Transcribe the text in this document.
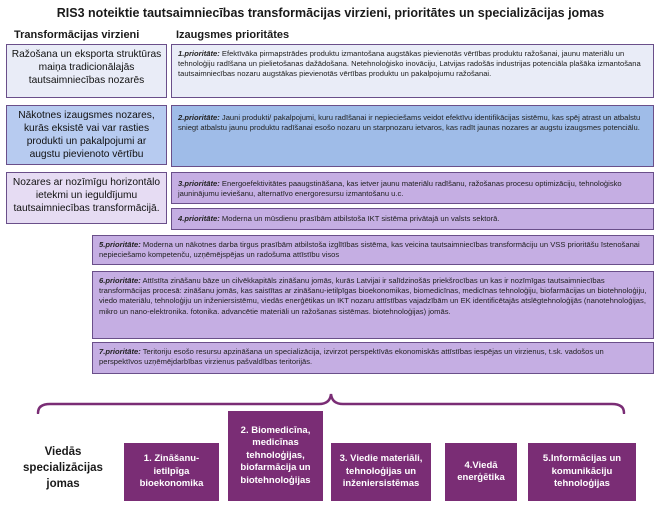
RIS3 noteiktie tautsaimniecības transformācijas virzieni, prioritātes un specializācijas jomas
Transformācijas virzieni	Izaugsmes prioritātes
Ražošana un eksporta struktūras maiņa tradicionālajās tautsaimniecības nozarēs
Nākotnes izaugsmes nozares, kurās eksistē vai var rasties produkti un pakalpojumi ar augstu pievienoto vērtību
Nozares ar nozīmīgu horizontālo ietekmi un ieguldījumu tautsaimniecības transformācijā.
1.prioritāte: Efektīvāka pirmapstrādes produktu izmantošana augstākas pievienotās vērtības produktu ražošanai, jaunu materiālu un tehnoloģiju radīšana un pielietošanas dažādošana. Netehnoloģisko inovāciju, Latvijas radošās industrijas potenciāla plašāka izmantošana tautsaimniecības nozaru augstākas pievienotās vērtības produktu un pakalpojumu ražošanai.
2.prioritāte: Jauni produkti/ pakalpojumi, kuru radīšanai ir nepieciešams veidot efektīvu identifikācijas sistēmu, kas spēj atrast un atbalstu sniegt atbalstu jaunu produktu radīšanai esošo nozaru un starpnozaru ietvaros, kas radīt jaunas nozares ar augstu izaugsmes potenciālu.
3.prioritāte: Energoefektivitātes paaugstināšana, kas ietver jaunu materiālu radīšanu, ražošanas procesu optimizāciju, tehnoloģisko jauninājumu ieviešanu, alternatīvo energoresursu izmantošanu u.c.
4.prioritāte: Moderna un mūsdienu prasībām atbilstoša IKT sistēma privātajā un valsts sektorā.
5.prioritāte: Moderna un nākotnes darba tirgus prasībām atbilstoša izglītības sistēma, kas veicina tautsaimniecības transformāciju un VSS prioritāšu īstenošanai nepieciešamo kompetenču, uzņēmējspējas un radošuma attīstību visos
6.prioritāte: Attīstīta zināšanu bāze un cilvēkkapitāls zināšanu jomās, kurās Latvijai ir salīdzinošās priekšrocības un kas ir nozīmīgas tautsaimniecības transformācijas procesā: zināšanu jomās, kas saistītas ar zināšanu-ietilpīgas bioekonomikas, biomedicīnas, medicīnas tehnoloģiju, biofarmācijas un biotehnoloģiju, viedo materiālu, tehnoloģiju un inženiersistēmu, viedās enerģētikas un IKT nozaru attīstības vajadzībām un EK identificētajās atslēgtehnoloģijās (nanotehnoloģijas, mikro un nano-elektronika. fotonika. advancētie materiāli un ražošanas sistēmas. biotehnoloģijas) jomās.
7.prioritāte: Teritoriju esošo resursu apzināšana un specializācija, izvirzot perspektīvās ekonomiskās attīstības iespējas un virzienus, t.sk. vadošos un perspektīvos uzņēmējdarbības virzienus pašvaldības teritorijās.
Viedās specializācijas jomas
1. Zināšanu-ietilpīga bioekonomika
2. Biomedicīna, medicīnas tehnoloģijas, biofarmācija un biotehnoloģijas
3. Viedie materiāli, tehnoloģijas un inženiersistēmas
4.Viedā enerģētika
5.Informācijas un komunikāciju tehnoloģijas
